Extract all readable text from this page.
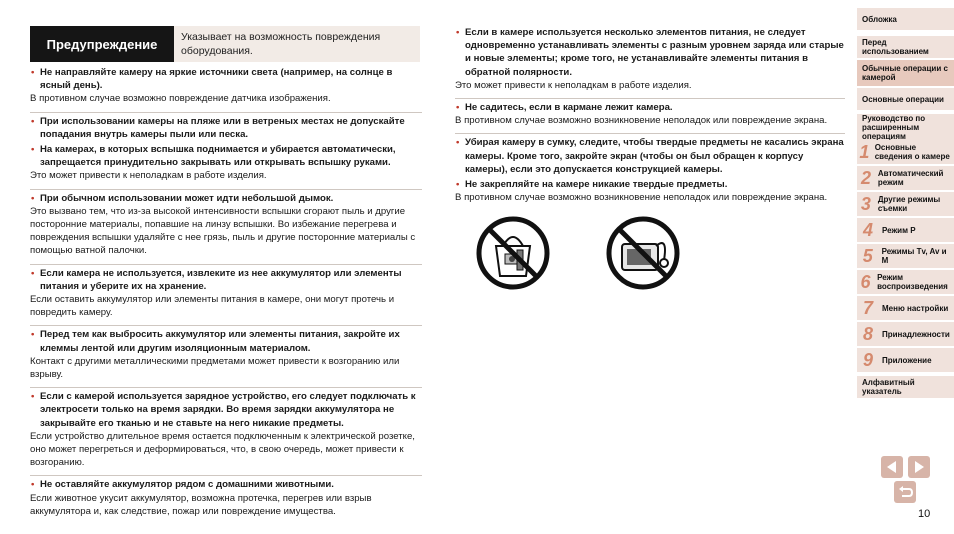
Предупреждение	Указывает на возможность повреждения оборудования.
• Не направляйте камеру на яркие источники света (например, на солнце в ясный день).
В противном случае возможно повреждение датчика изображения.
• При использовании камеры на пляже или в ветреных местах не допускайте попадания внутрь камеры пыли или песка.
• На камерах, в которых вспышка поднимается и убирается автоматически, запрещается принудительно закрывать или открывать вспышку руками.
Это может привести к неполадкам в работе изделия.
• При обычном использовании может идти небольшой дымок.
Это вызвано тем, что из-за высокой интенсивности вспышки сгорают пыль и другие посторонние материалы, попавшие на линзу вспышки. Во избежание перегрева и повреждения вспышки удаляйте с нее грязь, пыль и другие посторонние материалы с помощью ватной палочки.
• Если камера не используется, извлеките из нее аккумулятор или элементы питания и уберите их на хранение.
Если оставить аккумулятор или элементы питания в камере, они могут протечь и повредить камеру.
• Перед тем как выбросить аккумулятор или элементы питания, закройте их клеммы лентой или другим изоляционным материалом.
Контакт с другими металлическими предметами может привести к возгоранию или взрыву.
• Если с камерой используется зарядное устройство, его следует подключать к электросети только на время зарядки. Во время зарядки аккумулятора не закрывайте его тканью и не ставьте на него никакие предметы.
Если устройство длительное время остается подключенным к электрической розетке, оно может перегреться и деформироваться, что, в свою очередь, может привести к возгоранию.
• Не оставляйте аккумулятор рядом с домашними животными.
Если животное укусит аккумулятор, возможна протечка, перегрев или взрыв аккумулятора и, как следствие, пожар или повреждение имущества.
• Если в камере используется несколько элементов питания, не следует одновременно устанавливать элементы с разным уровнем заряда или старые и новые элементы; кроме того, не устанавливайте элементы питания в обратной полярности.
Это может привести к неполадкам в работе изделия.
• Не садитесь, если в кармане лежит камера.
В противном случае возможно возникновение неполадок или повреждение экрана.
• Убирая камеру в сумку, следите, чтобы твердые предметы не касались экрана камеры. Кроме того, закройте экран (чтобы он был обращен к корпусу камеры), если это допускается конструкцией камеры.
• Не закрепляйте на камере никакие твердые предметы.
В противном случае возможно возникновение неполадок или повреждение экрана.
Обложка
Перед использованием
Обычные операции с камерой
Основные операции
Руководство по расширенным операциям
1 Основные сведения о камере
2 Автоматический режим
3 Другие режимы съемки
4	Режим P
5	Режимы Tv, Av и M
6 Режим воспроизведения
7	Меню настройки
8	Принадлежности
9	Приложение
Алфавитный указатель
10
